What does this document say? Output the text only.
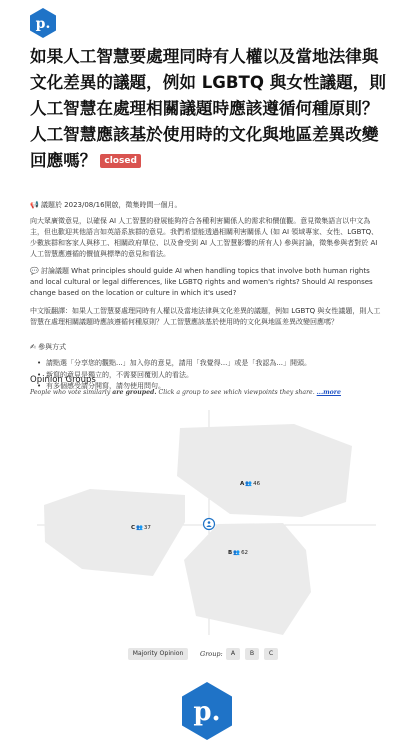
p.
如果人工智慧要處理同時有人權以及當地法律與文化差異的議題，例如 LGBTQ 與女性議題，則人工智慧在處理相關議題時應該遵循何種原則？人工智慧應該基於使用時的文化與地區差異改變回應嗎？ closed
📢 議題於 2023/08/16開啟，徵集時間一個月。

向大眾廣徵意見，以確保 AI 人工智慧的發展能夠符合各種利害關係人的需求和價值觀。意見徵集語言以中文為主，但也歡迎其他語言如英語系族群的意見。我們希望能透過相關利害關係人 (如 AI 領域專家、女性、LGBTQ、少數族群和客家人與移工、相關政府單位、以及會受到 AI 人工智慧影響的所有人) 參與討論，徵集參與者對於 AI 人工智慧應遵循的價值與標準的意見和看法。

💬 討論議題 What principles should guide AI when handling topics that involve both human rights and local cultural or legal differences, like LGBTQ rights and women's rights? Should AI responses change based on the location or culture in which it's used?

中文版翻譯：如果人工智慧要處理同時有人權以及當地法律與文化差異的議題，例如 LGBTQ 與女性議題，則人工智慧在處理相關議題時應該遵循何種原則？人工智慧應該基於使用時的文化與地區差異改變回應嗎？

✍ 參與方式

• 請點選「分享您的觀點...」加入你的意見，請用「我覺得...」或是「我認為...」開頭。
• 新寫的意見是獨立的，不需要回覆別人的看法。
• 有多個感受請分開寫，請勿使用問句。
Opinion Groups
People who vote similarly are grouped. Click a group to see which viewpoints they share. ...more
A👥46
C👥37
B👥62
Majority Opinion	Group:	A	B	C
p.
